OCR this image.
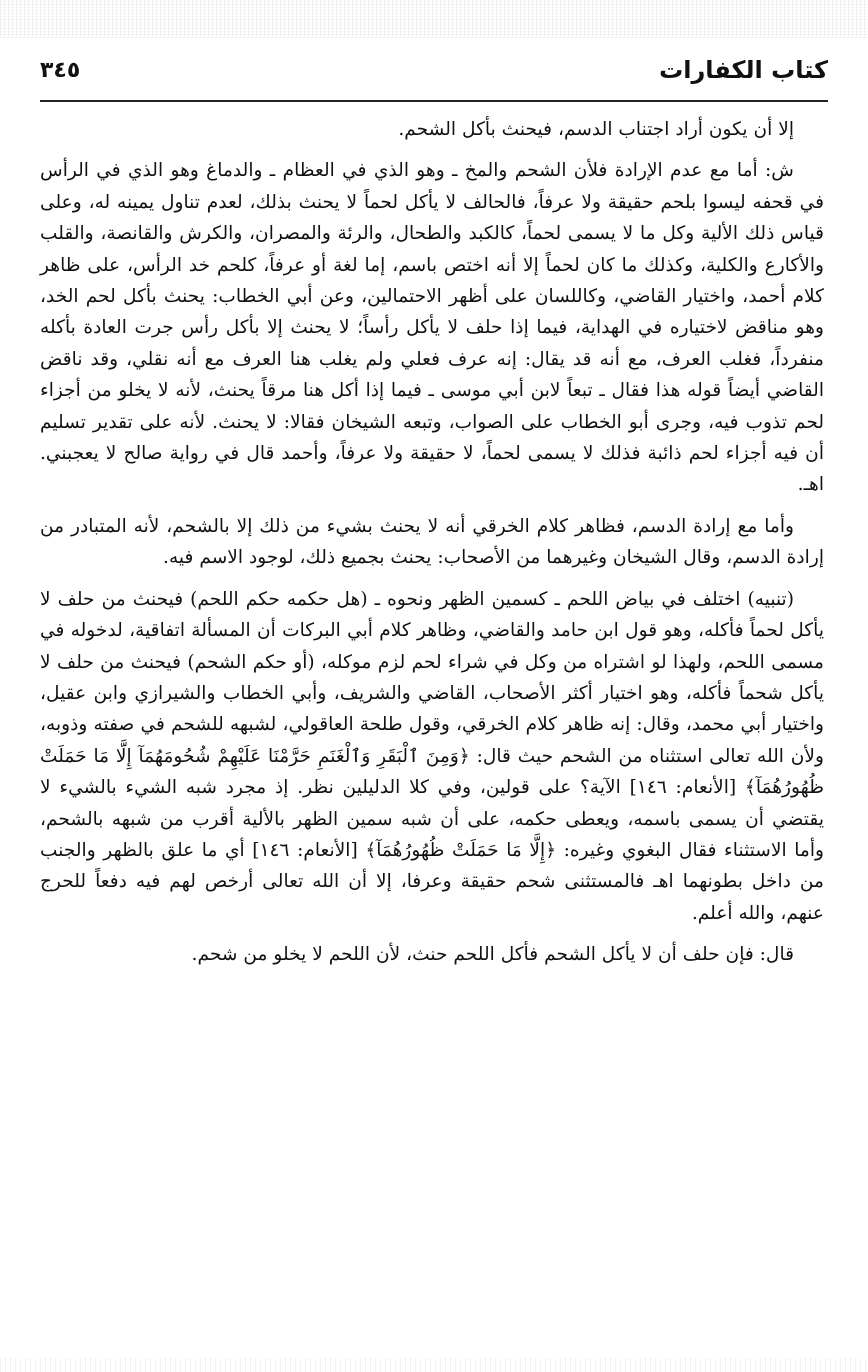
كتاب الكفارات
٣٤٥

إلا أن يكون أراد اجتناب الدسم، فيحنث بأكل الشحم.

ش: أما مع عدم الإرادة فلأن الشحم والمخ ـ وهو الذي في العظام ـ والدماغ وهو الذي في الرأس في قحفه ليسوا بلحم حقيقة ولا عرفاً، فالحالف لا يأكل لحماً لا يحنث بذلك، لعدم تناول يمينه له، وعلى قياس ذلك الألية وكل ما لا يسمى لحماً، كالكبد والطحال، والرئة والمصران، والكرش والقانصة، والقلب والأكارع والكلية، وكذلك ما كان لحماً إلا أنه اختص باسم، إما لغة أو عرفاً، كلحم خد الرأس، على ظاهر كلام أحمد، واختيار القاضي، وكاللسان على أظهر الاحتمالين، وعن أبي الخطاب: يحنث بأكل لحم الخد، وهو مناقض لاختياره في الهداية، فيما إذا حلف لا يأكل رأساً؛ لا يحنث إلا بأكل رأس جرت العادة بأكله منفرداً، فغلب العرف، مع أنه قد يقال: إنه عرف فعلي ولم يغلب هنا العرف مع أنه نقلي، وقد ناقض القاضي أيضاً قوله هذا فقال ـ تبعاً لابن أبي موسى ـ فيما إذا أكل هنا مرقاً يحنث، لأنه لا يخلو من أجزاء لحم تذوب فيه، وجرى أبو الخطاب على الصواب، وتبعه الشيخان فقالا: لا يحنث. لأنه على تقدير تسليم أن فيه أجزاء لحم ذائبة فذلك لا يسمى لحماً، لا حقيقة ولا عرفاً، وأحمد قال في رواية صالح لا يعجبني. اهـ.

وأما مع إرادة الدسم، فظاهر كلام الخرقي أنه لا يحنث بشيء من ذلك إلا بالشحم، لأنه المتبادر من إرادة الدسم، وقال الشيخان وغيرهما من الأصحاب: يحنث بجميع ذلك، لوجود الاسم فيه.

(تنبيه) اختلف في بياض اللحم ـ كسمين الظهر ونحوه ـ (هل حكمه حكم اللحم) فيحنث من حلف لا يأكل لحماً فأكله، وهو قول ابن حامد والقاضي، وظاهر كلام أبي البركات أن المسألة اتفاقية، لدخوله في مسمى اللحم، ولهذا لو اشتراه من وكل في شراء لحم لزم موكله، (أو حكم الشحم) فيحنث من حلف لا يأكل شحماً فأكله، وهو اختيار أكثر الأصحاب، القاضي والشريف، وأبي الخطاب والشيرازي وابن عقيل، واختيار أبي محمد، وقال: إنه ظاهر كلام الخرقي، وقول طلحة العاقولي، لشبهه للشحم في صفته وذوبه، ولأن الله تعالى استثناه من الشحم حيث قال: ﴿وَمِنَ ٱلْبَقَرِ وَٱلْغَنَمِ حَرَّمْنَا عَلَيْهِمْ شُحُومَهُمَآ إِلَّا مَا حَمَلَتْ ظُهُورُهُمَآ﴾ [الأنعام: ١٤٦] الآية؟ على قولين، وفي كلا الدليلين نظر. إذ مجرد شبه الشيء بالشيء لا يقتضي أن يسمى باسمه، ويعطى حكمه، على أن شبه سمين الظهر بالألية أقرب من شبهه بالشحم، وأما الاستثناء فقال البغوي وغيره: ﴿إِلَّا مَا حَمَلَتْ ظُهُورُهُمَآ﴾ [الأنعام: ١٤٦] أي ما علق بالظهر والجنب من داخل بطونهما اهـ فالمستثنى شحم حقيقة وعرفا، إلا أن الله تعالى أرخص لهم فيه دفعاً للحرج عنهم، والله أعلم.

قال: فإن حلف أن لا يأكل الشحم فأكل اللحم حنث، لأن اللحم لا يخلو من شحم.
